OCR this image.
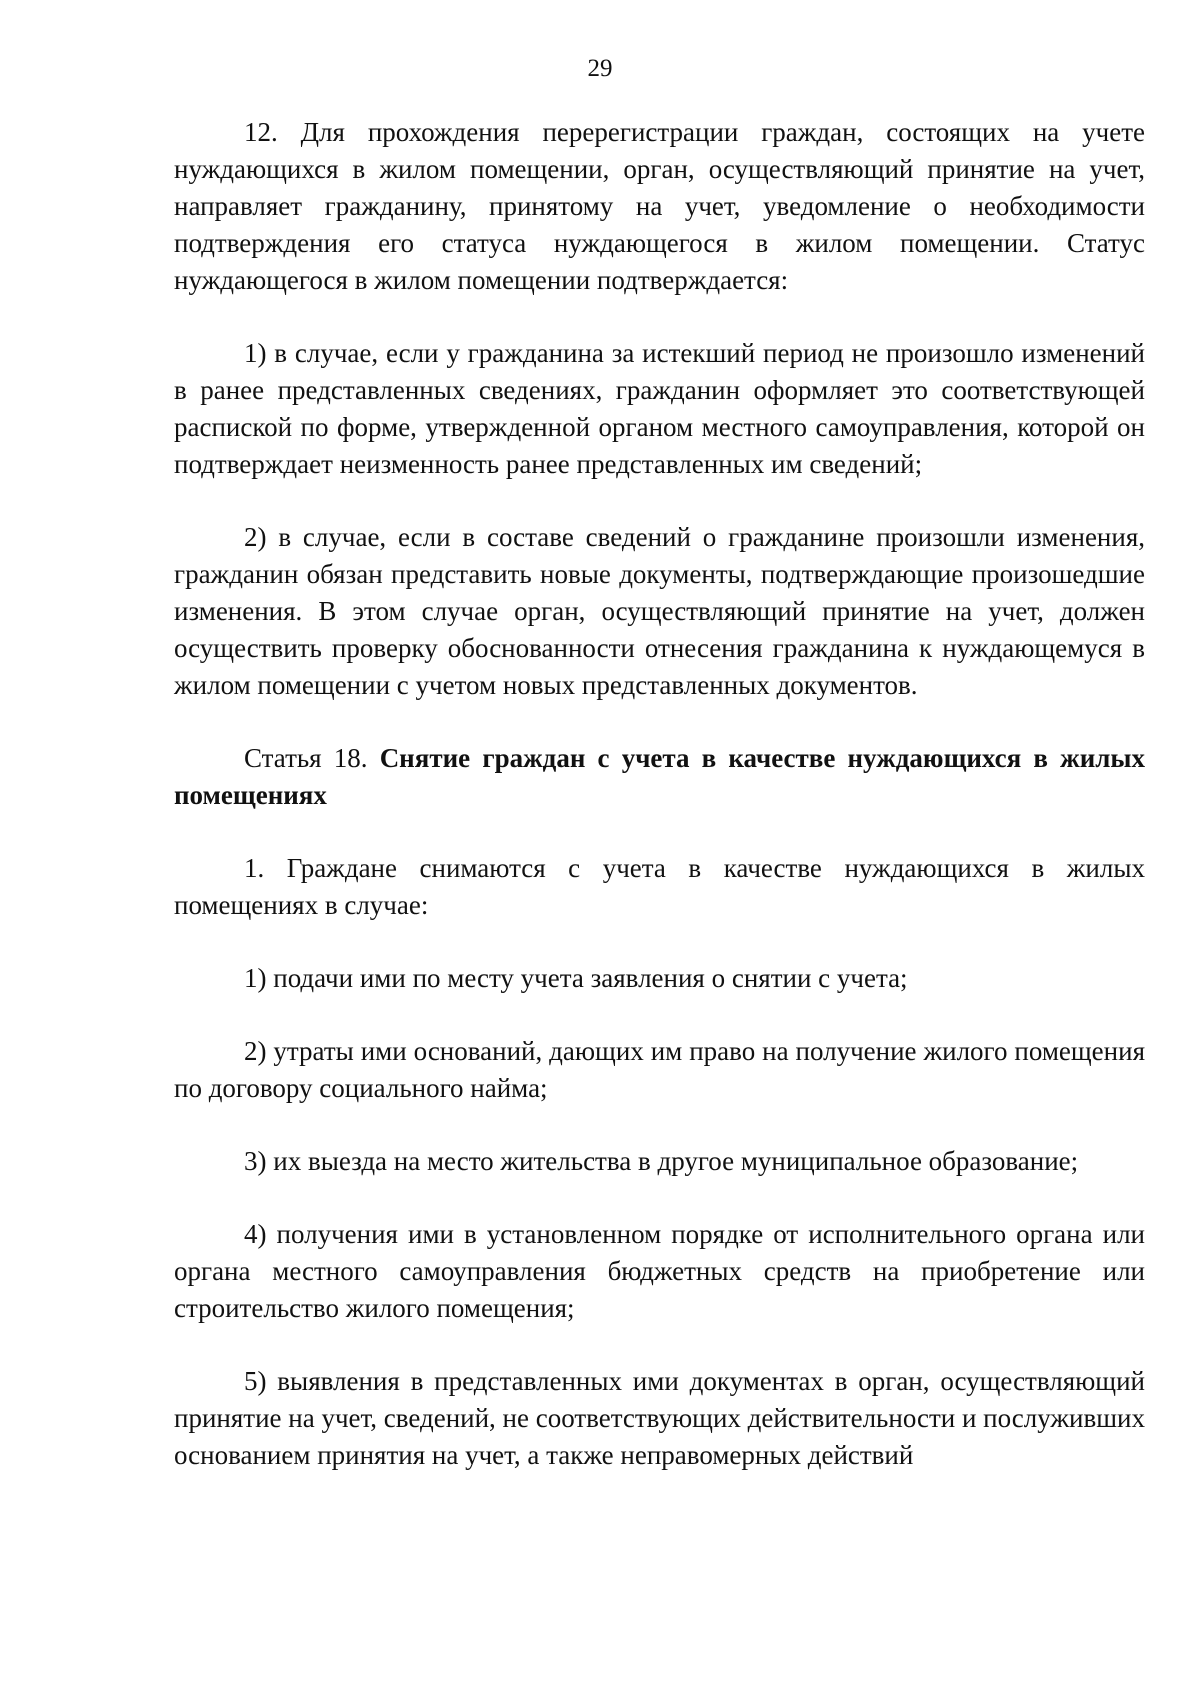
29

12. Для прохождения перерегистрации граждан, состоящих на учете нуждающихся в жилом помещении, орган, осуществляющий принятие на учет, направляет гражданину, принятому на учет, уведомление о необходимости подтверждения его статуса нуждающегося в жилом помещении. Статус нуждающегося в жилом помещении подтверждается:

1) в случае, если у гражданина за истекший период не произошло изменений в ранее представленных сведениях, гражданин оформляет это соответствующей распиской по форме, утвержденной органом местного самоуправления, которой он подтверждает неизменность ранее представленных им сведений;

2) в случае, если в составе сведений о гражданине произошли изменения, гражданин обязан представить новые документы, подтверждающие произошедшие изменения. В этом случае орган, осуществляющий принятие на учет, должен осуществить проверку обоснованности отнесения гражданина к нуждающемуся в жилом помещении с учетом новых представленных документов.

Статья 18. Снятие граждан с учета в качестве нуждающихся в жилых помещениях

1. Граждане снимаются с учета в качестве нуждающихся в жилых помещениях в случае:

1) подачи ими по месту учета заявления о снятии с учета;

2) утраты ими оснований, дающих им право на получение жилого помещения по договору социального найма;

3) их выезда на место жительства в другое муниципальное образование;

4) получения ими в установленном порядке от исполнительного органа или органа местного самоуправления бюджетных средств на приобретение или строительство жилого помещения;

5) выявления в представленных ими документах в орган, осуществляющий принятие на учет, сведений, не соответствующих действительности и послуживших основанием принятия на учет, а также неправомерных действий
